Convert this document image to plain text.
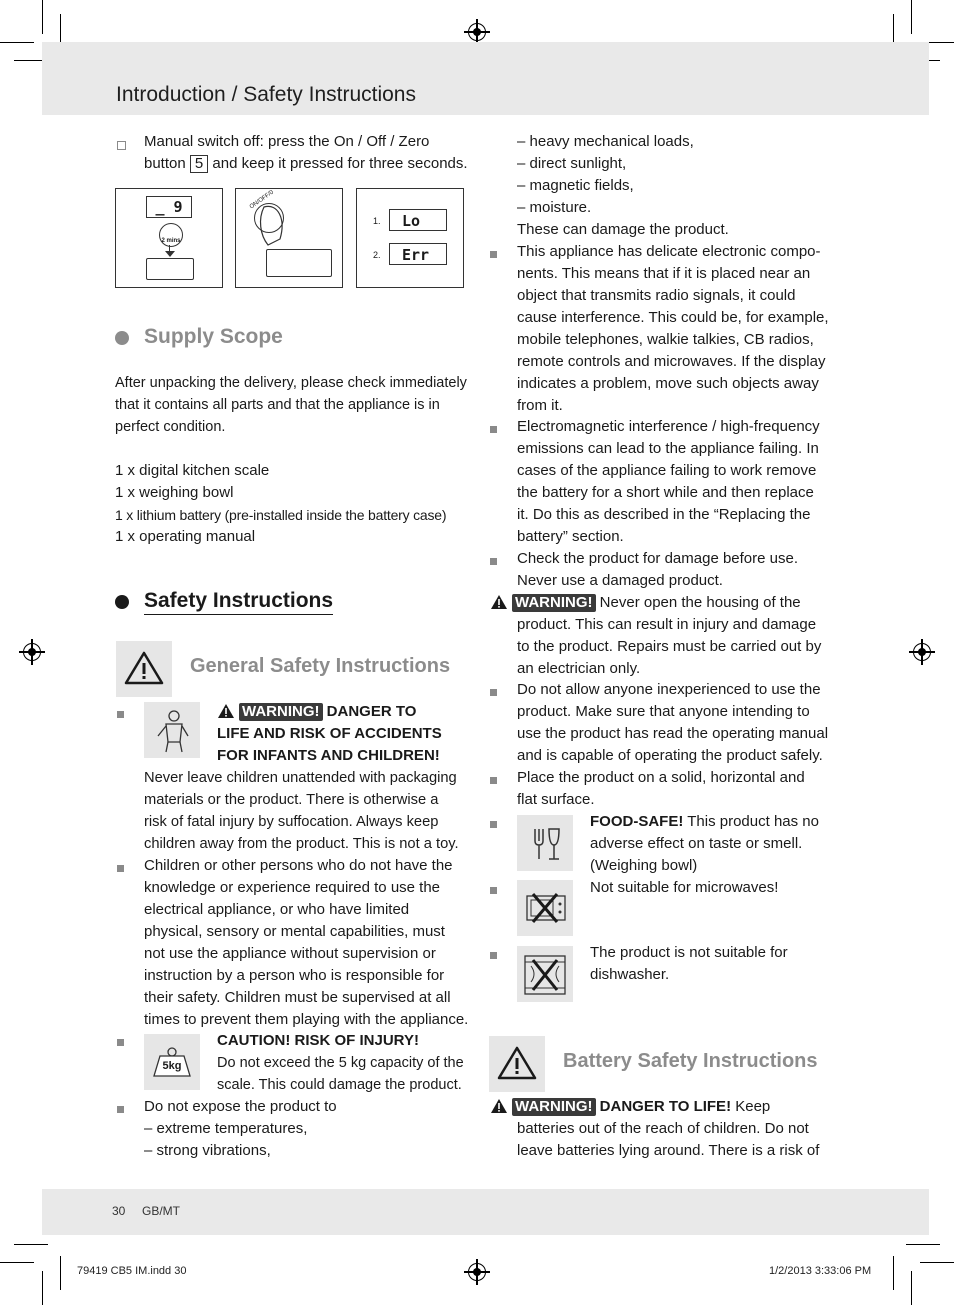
Introduction / Safety Instructions

Manual switch off: press the On / Off / Zero

button 5 and keep it pressed for three seconds.

_ 9
2 mins
ON/OFF/0
1.	Lo
2.	Err
Supply Scope

After unpacking the delivery, please check immediately

that it contains all parts and that the appliance is in

perfect condition.

1 x digital kitchen scale

1 x weighing bowl

1 x lithium battery (pre-installed inside the battery case)

1 x operating manual

Safety Instructions
General Safety Instructions

WARNING! DANGER TO

LIFE AND RISK OF ACCIDENTS

FOR INFANTS AND CHILDREN!

Never leave children unattended with packaging

materials or the product. There is otherwise a

risk of fatal injury by suffocation. Always keep

children away from the product. This is not a toy.

Children or other persons who do not have the

knowledge or experience required to use the

electrical appliance, or who have limited

physical, sensory or mental capabilities, must

not use the appliance without supervision or

instruction by a person who is responsible for

their safety. Children must be supervised at all

times to prevent them playing with the appliance.

5kg

CAUTION! RISK OF INJURY!

Do not exceed the 5 kg capacity of the

scale. This could damage the product.

Do not expose the product to

– extreme temperatures,

– strong vibrations,

– heavy mechanical loads,

– direct sunlight,

– magnetic fields,

– moisture.

These can damage the product.

This appliance has delicate electronic compo-

nents. This means that if it is placed near an

object that transmits radio signals, it could

cause interference. This could be, for example,

mobile telephones, walkie talkies, CB radios,

remote controls and microwaves. If the display

indicates a problem, move such objects away

from it.

Electromagnetic interference / high-frequency

emissions can lead to the appliance failing. In

cases of the appliance failing to work remove

the battery for a short while and then replace

it. Do this as described in the “Replacing the

battery” section.

Check the product for damage before use.

Never use a damaged product.

WARNING! Never open the housing of the

product. This can result in injury and damage

to the product. Repairs must be carried out by

an electrician only.

Do not allow anyone inexperienced to use the

product. Make sure that anyone intending to

use the product has read the operating manual

and is capable of operating the product safely.

Place the product on a solid, horizontal and

flat surface.

FOOD-SAFE! This product has no

adverse effect on taste or smell.

(Weighing bowl)

Not suitable for microwaves!

The product is not suitable for

dishwasher.

Battery Safety Instructions

WARNING! DANGER TO LIFE! Keep

batteries out of the reach of children. Do not

leave batteries lying around. There is a risk of

30 GB/MT
79419 CB5 IM.indd 30	1/2/2013 3:33:06 PM
